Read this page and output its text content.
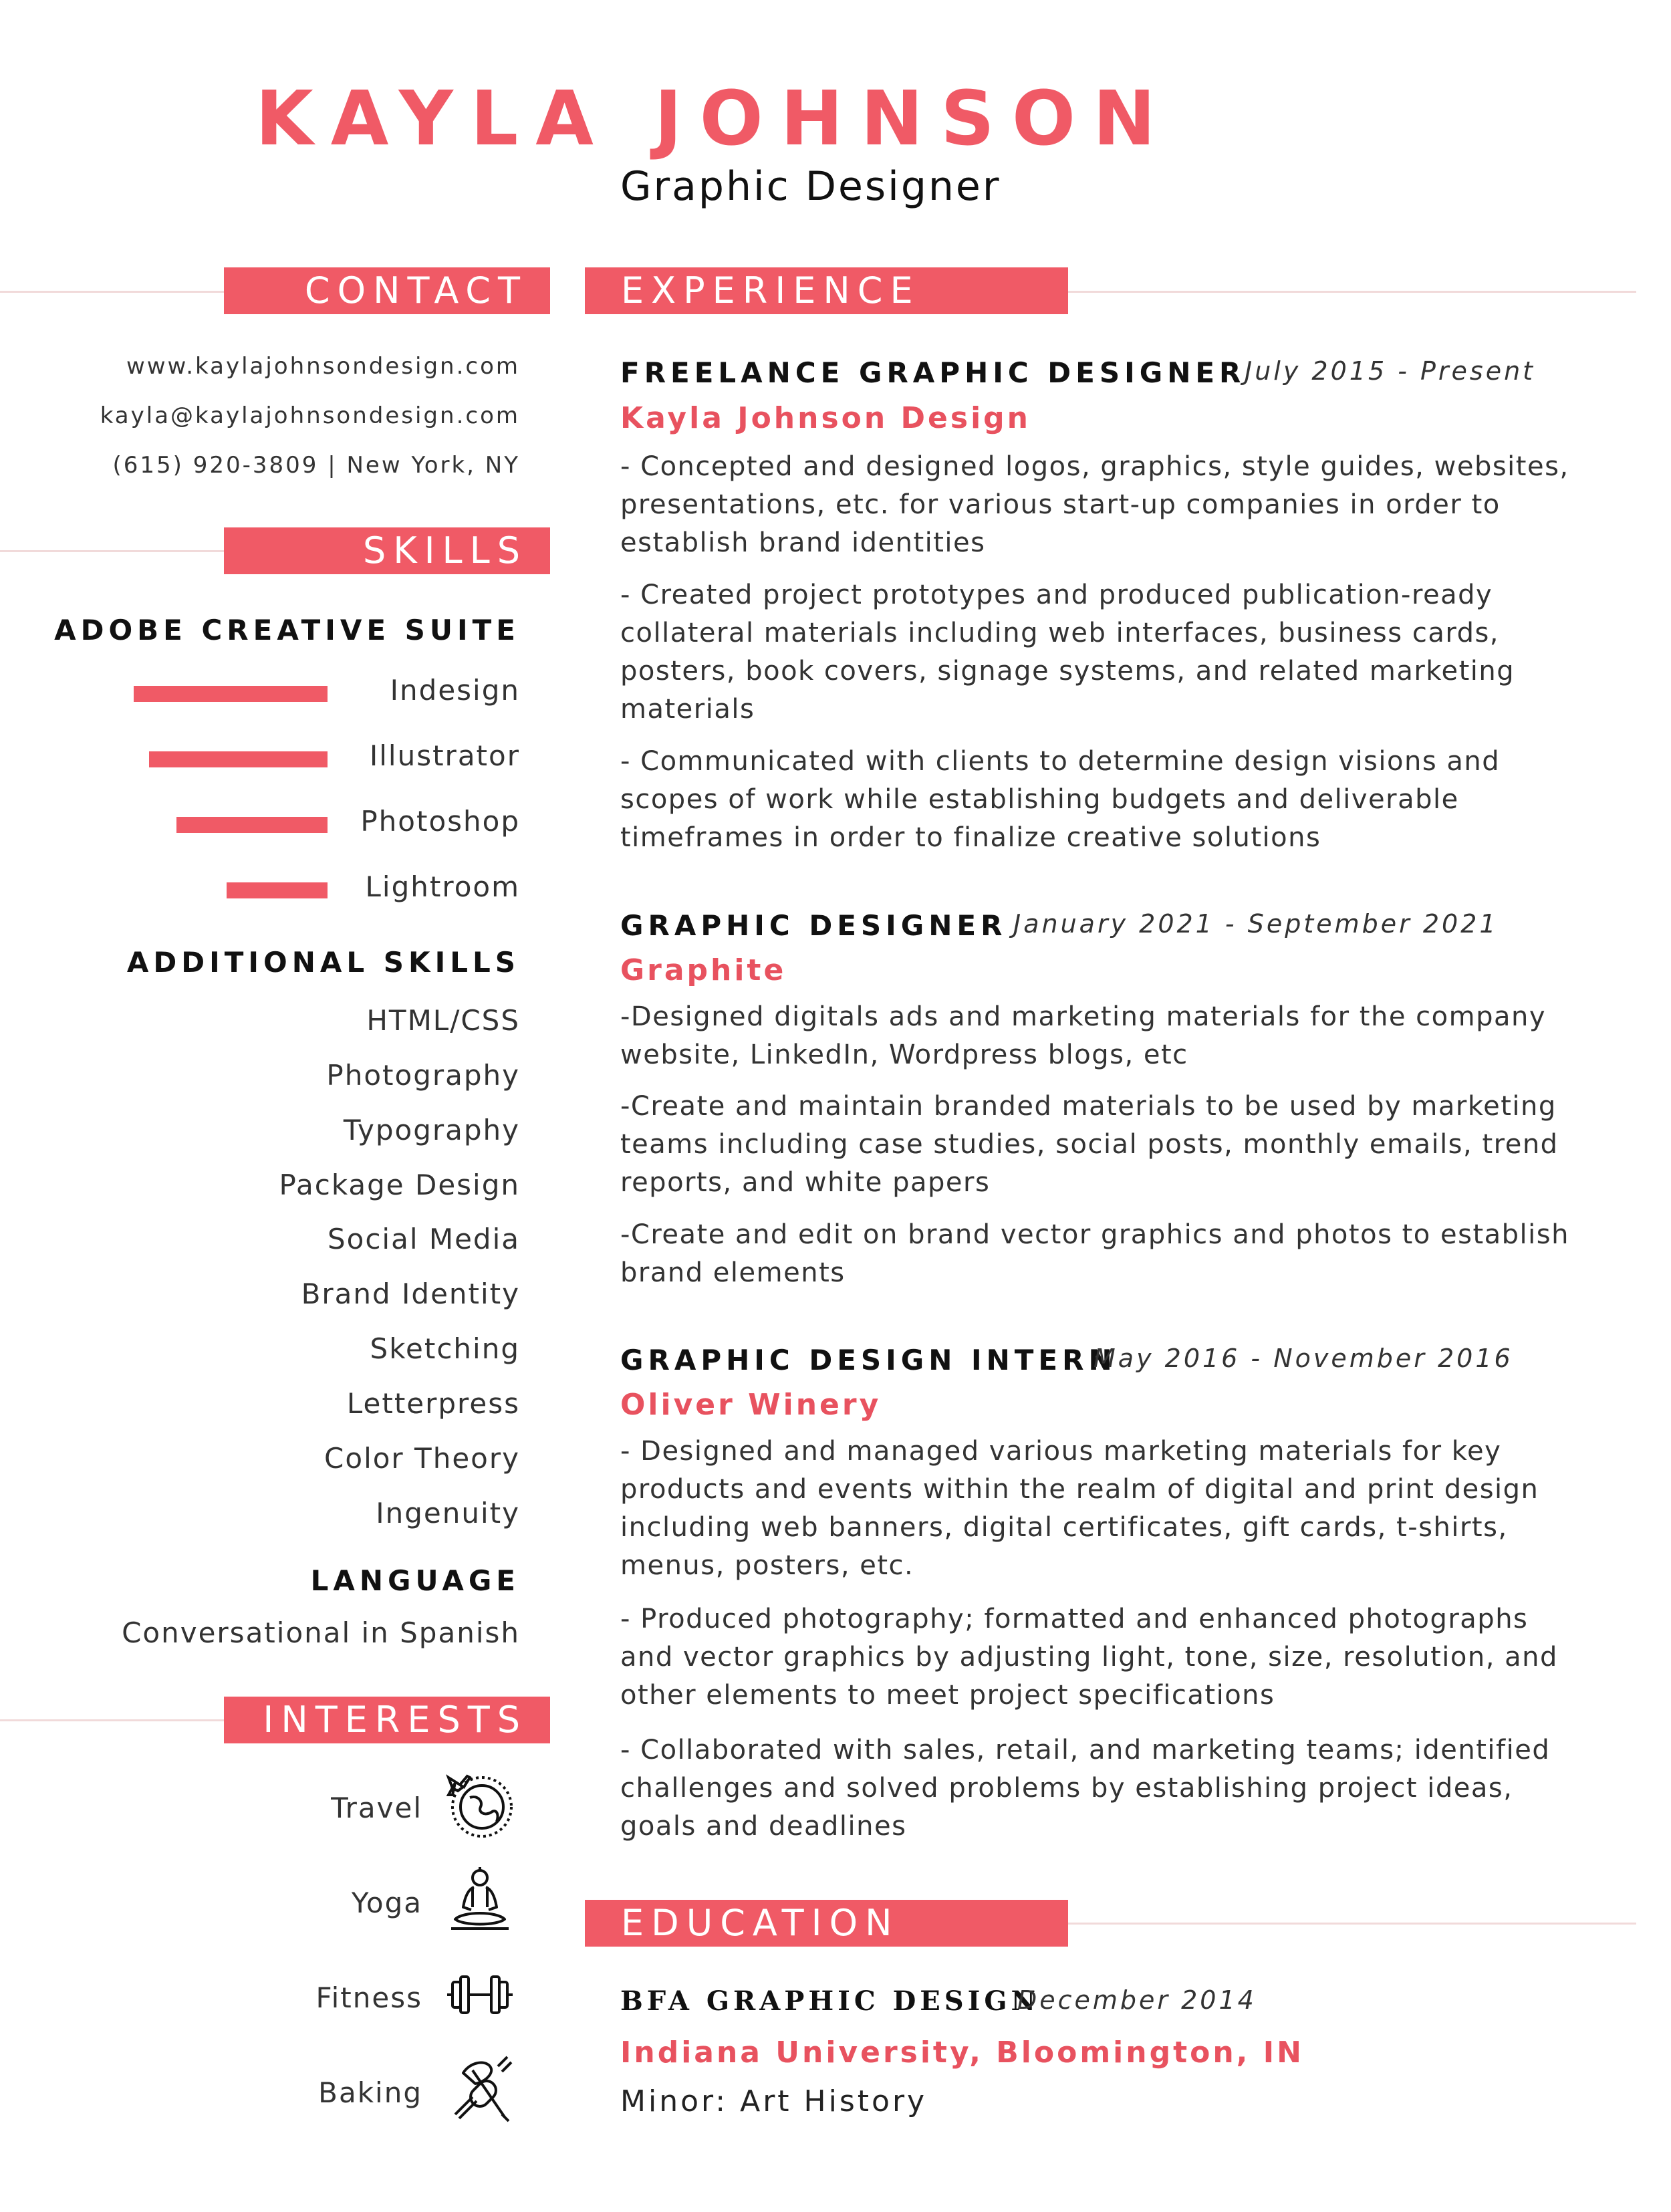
KAYLA JOHNSON
Graphic Designer
CONTACT	EXPERIENCE
SKILLS
INTERESTS
EDUCATION
www.kaylajohnsondesign.com
kayla@kaylajohnsondesign.com
(615) 920-3809 | New York, NY
ADOBE CREATIVE SUITE
Indesign
Illustrator
Photoshop
Lightroom
ADDITIONAL SKILLS
HTML/CSS
Photography
Typography
Package Design
Social Media
Brand Identity
Sketching
Letterpress
Color Theory
Ingenuity
LANGUAGE
Conversational in Spanish
Travel
Yoga
Fitness
Baking
FREELANCE GRAPHIC DESIGNER
July 2015 - Present
Kayla Johnson Design

- Concepted and designed logos, graphics, style guides, websites, presentations, etc. for various start-up companies in order to establish brand identities

- Created project prototypes and produced publication-ready collateral materials including web interfaces, business cards, posters, book covers, signage systems, and related marketing materials

- Communicated with clients to determine design visions and scopes of work while establishing budgets and deliverable timeframes in order to finalize creative solutions

GRAPHIC DESIGNER January 2021 - September 2021
Graphite

-Designed digitals ads and marketing materials for the company website, LinkedIn, Wordpress blogs, etc

-Create and maintain branded materials to be used by marketing teams including case studies, social posts, monthly emails, trend reports, and white papers

-Create and edit on brand vector graphics and photos to establish brand elements

GRAPHIC DESIGN INTERN
May 2016 - November 2016
Oliver Winery

- Designed and managed various marketing materials for key products and events within the realm of digital and print design including web banners, digital certificates, gift cards, t-shirts, menus, posters, etc.

- Produced photography; formatted and enhanced photographs and vector graphics by adjusting light, tone, size, resolution, and other elements to meet project specifications

- Collaborated with sales, retail, and marketing teams; identified challenges and solved problems by establishing project ideas, goals and deadlines

BFA GRAPHIC DESIGN
December 2014
Indiana University, Bloomington, IN
Minor: Art History
